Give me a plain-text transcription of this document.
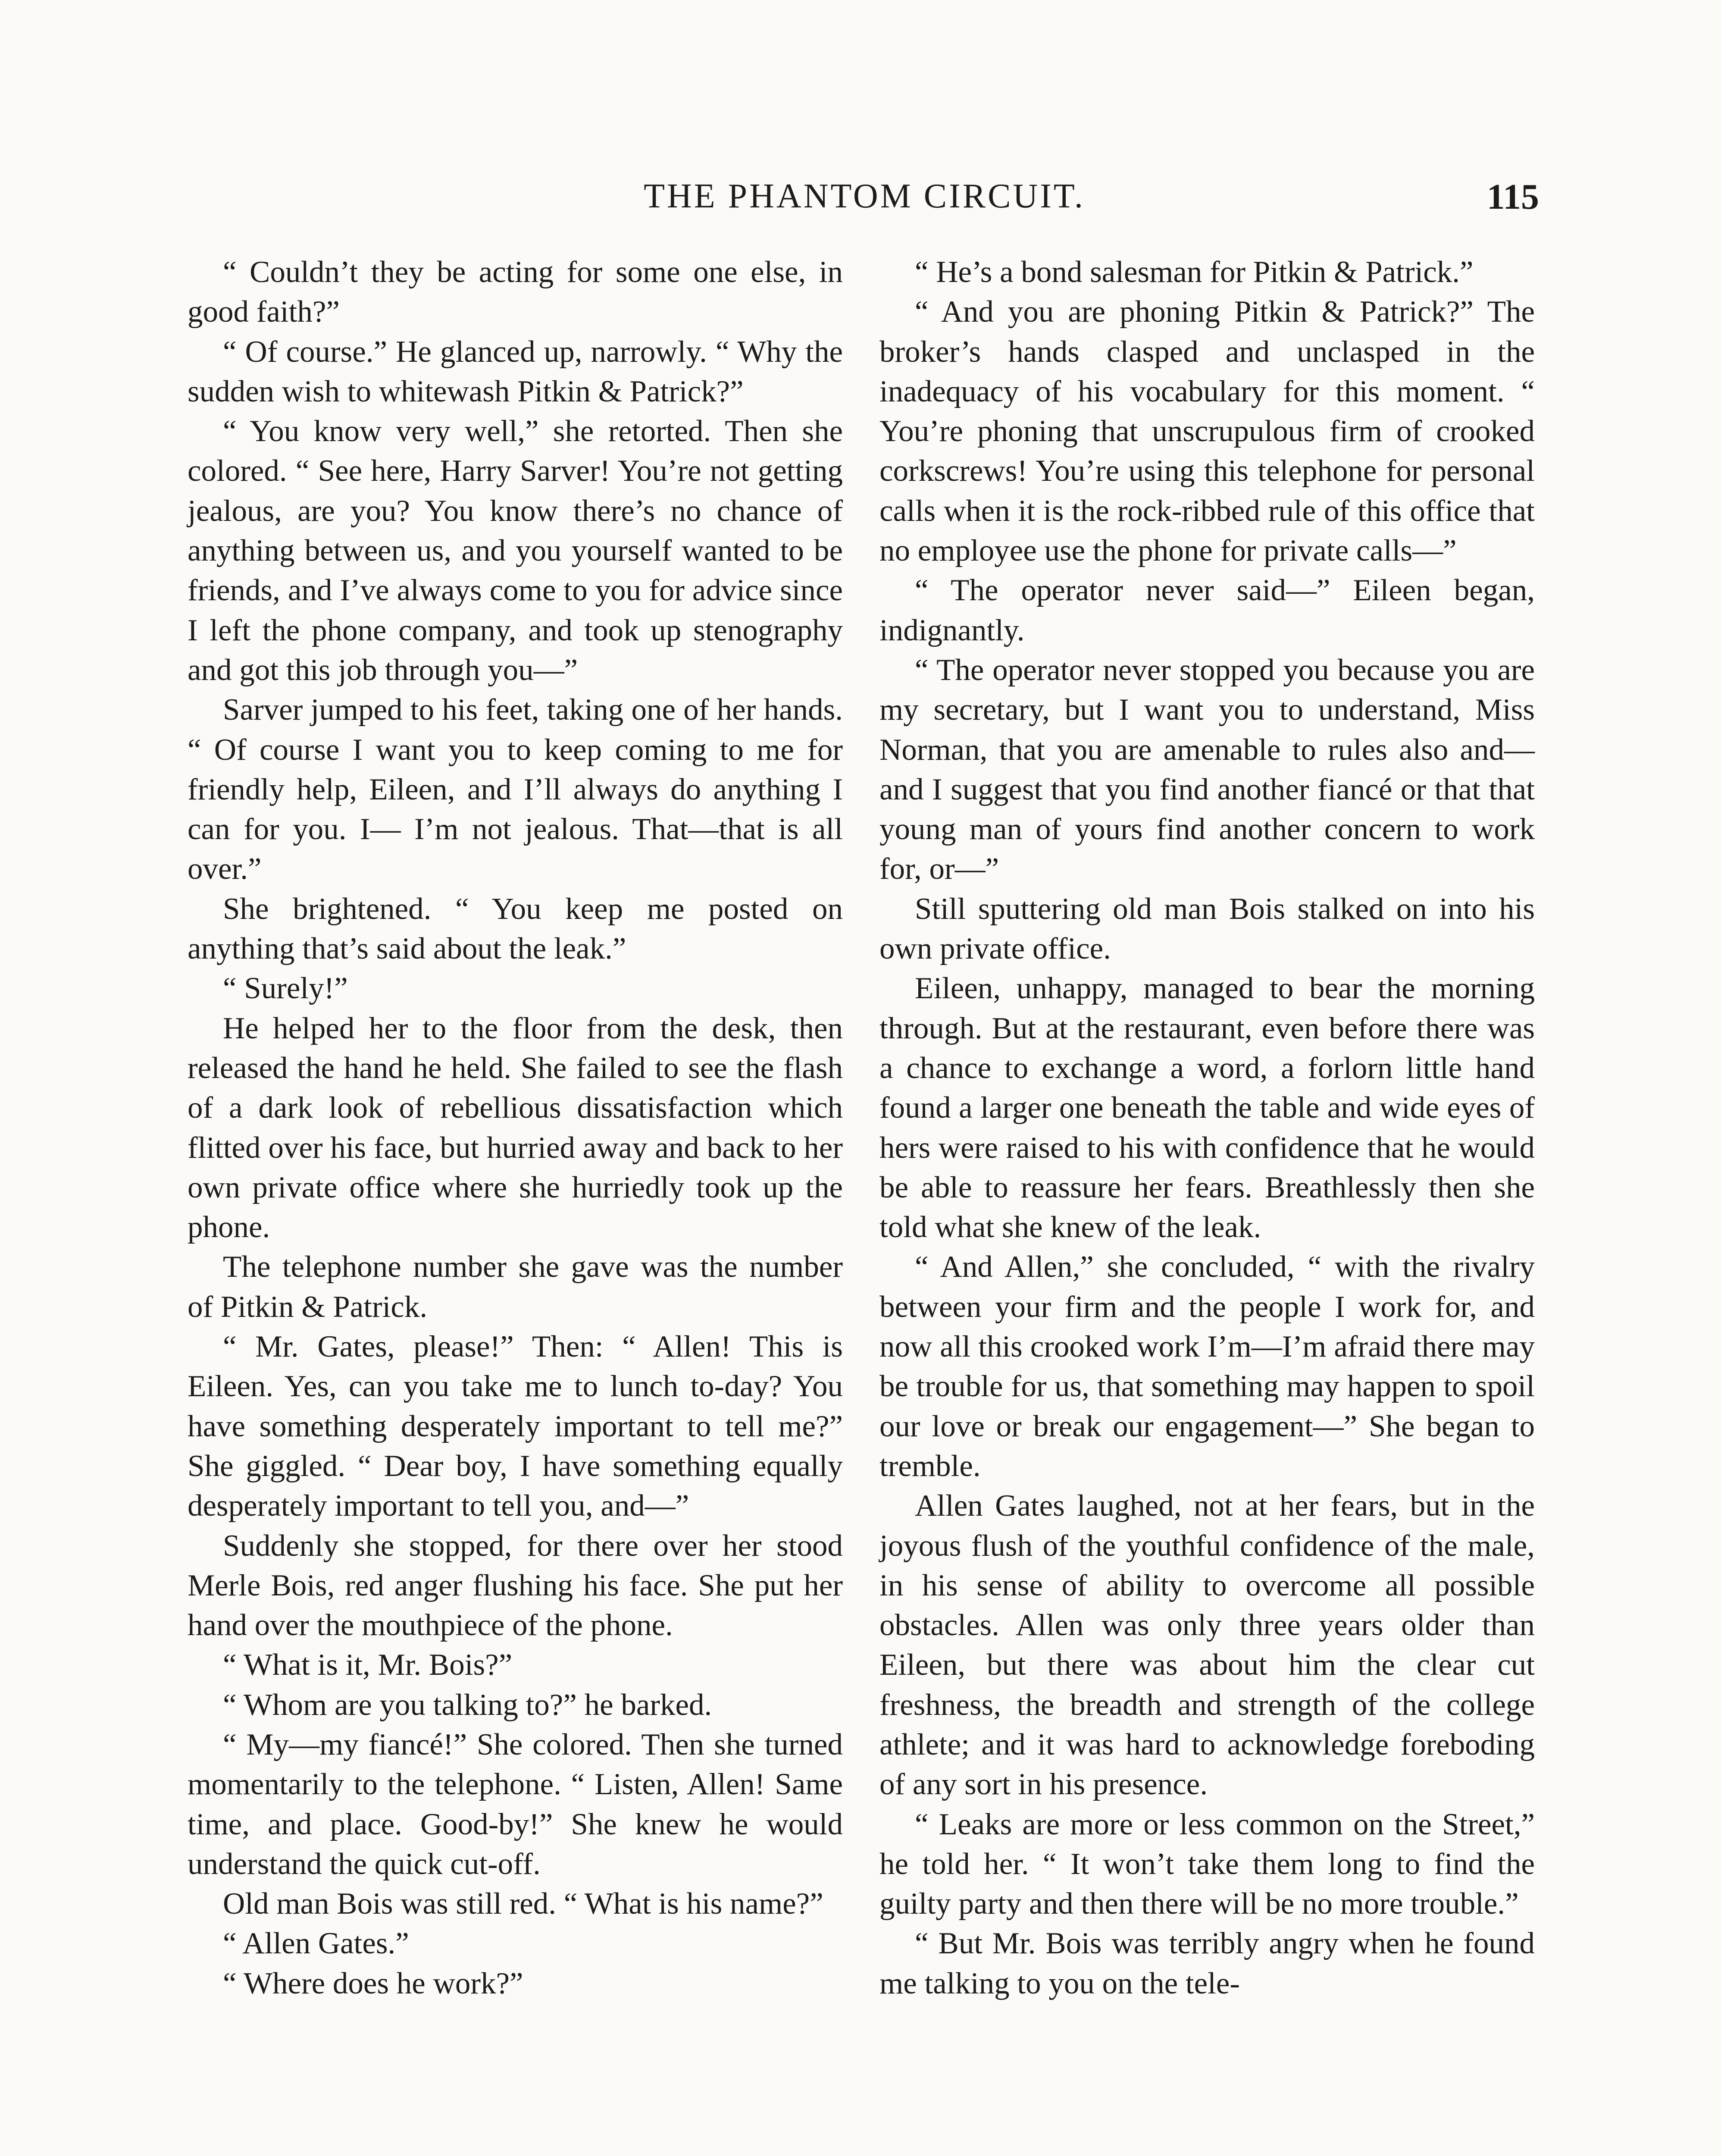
THE PHANTOM CIRCUIT.	115

“ Couldn’t they be acting for some one else, in good faith?”

“ Of course.” He glanced up, narrowly. “ Why the sudden wish to whitewash Pitkin & Patrick?”

“ You know very well,” she retorted. Then she colored. “ See here, Harry Sarver! You’re not getting jealous, are you? You know there’s no chance of anything between us, and you yourself wanted to be friends, and I’ve always come to you for advice since I left the phone company, and took up stenography and got this job through you—”

Sarver jumped to his feet, taking one of her hands. “ Of course I want you to keep coming to me for friendly help, Eileen, and I’ll always do anything I can for you. I— I’m not jealous. That—that is all over.”

She brightened. “ You keep me posted on anything that’s said about the leak.”

“ Surely!”

He helped her to the floor from the desk, then released the hand he held. She failed to see the flash of a dark look of rebellious dissatisfaction which flitted over his face, but hurried away and back to her own private office where she hurriedly took up the phone.

The telephone number she gave was the number of Pitkin & Patrick.

“ Mr. Gates, please!” Then: “ Allen! This is Eileen. Yes, can you take me to lunch to-day? You have something desperately important to tell me?” She giggled. “ Dear boy, I have something equally desperately important to tell you, and—”

Suddenly she stopped, for there over her stood Merle Bois, red anger flushing his face. She put her hand over the mouthpiece of the phone.

“ What is it, Mr. Bois?”

“ Whom are you talking to?” he barked.

“ My—my fiancé!” She colored. Then she turned momentarily to the telephone. “ Listen, Allen! Same time, and place. Good-by!” She knew he would understand the quick cut-off.

Old man Bois was still red. “ What is his name?”

“ Allen Gates.”

“ Where does he work?”

“ He’s a bond salesman for Pitkin & Patrick.”

“ And you are phoning Pitkin & Patrick?” The broker’s hands clasped and unclasped in the inadequacy of his vocabulary for this moment. “ You’re phoning that unscrupulous firm of crooked corkscrews! You’re using this telephone for personal calls when it is the rock-ribbed rule of this office that no employee use the phone for private calls—”

“ The operator never said—” Eileen began, indignantly.

“ The operator never stopped you because you are my secretary, but I want you to understand, Miss Norman, that you are amenable to rules also and—and I suggest that you find another fiancé or that that young man of yours find another concern to work for, or—”

Still sputtering old man Bois stalked on into his own private office.

Eileen, unhappy, managed to bear the morning through. But at the restaurant, even before there was a chance to exchange a word, a forlorn little hand found a larger one beneath the table and wide eyes of hers were raised to his with confidence that he would be able to reassure her fears. Breathlessly then she told what she knew of the leak.

“ And Allen,” she concluded, “ with the rivalry between your firm and the people I work for, and now all this crooked work I’m—I’m afraid there may be trouble for us, that something may happen to spoil our love or break our engagement—” She began to tremble.

Allen Gates laughed, not at her fears, but in the joyous flush of the youthful confidence of the male, in his sense of ability to overcome all possible obstacles. Allen was only three years older than Eileen, but there was about him the clear cut freshness, the breadth and strength of the college athlete; and it was hard to acknowledge foreboding of any sort in his presence.

“ Leaks are more or less common on the Street,” he told her. “ It won’t take them long to find the guilty party and then there will be no more trouble.”

“ But Mr. Bois was terribly angry when he found me talking to you on the tele-
